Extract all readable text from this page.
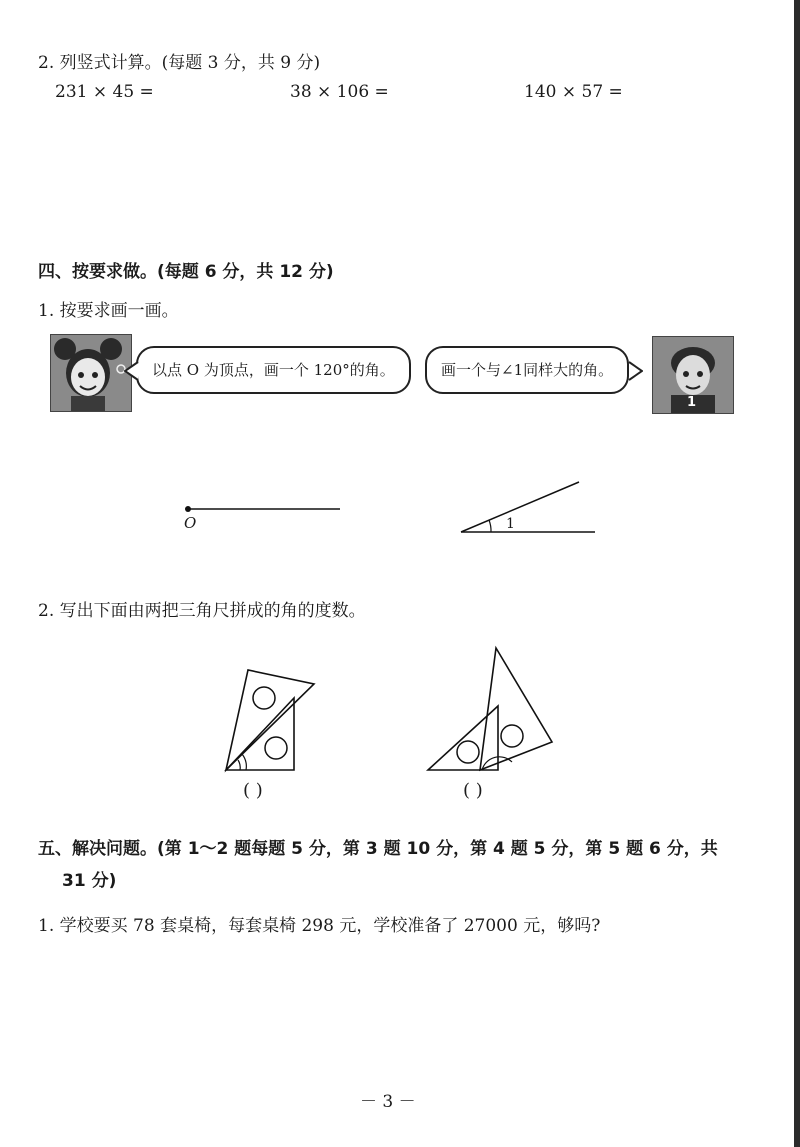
2. 列竖式计算。(每题 3 分，共 9 分)
231 × 45 =	38 × 106 =	140 × 57 =
四、按要求做。(每题 6 分，共 12 分)
1. 按要求画一画。
以点 O 为顶点，画一个 120°的角。	画一个与∠1同样大的角。
1
O	1
2. 写出下面由两把三角尺拼成的角的度数。
( )	( )
五、解决问题。(第 1～2 题每题 5 分，第 3 题 10 分，第 4 题 5 分，第 5 题 6 分，共
31 分)
1. 学校要买 78 套桌椅，每套桌椅 298 元，学校准备了 27000 元，够吗?
－ 3 －
